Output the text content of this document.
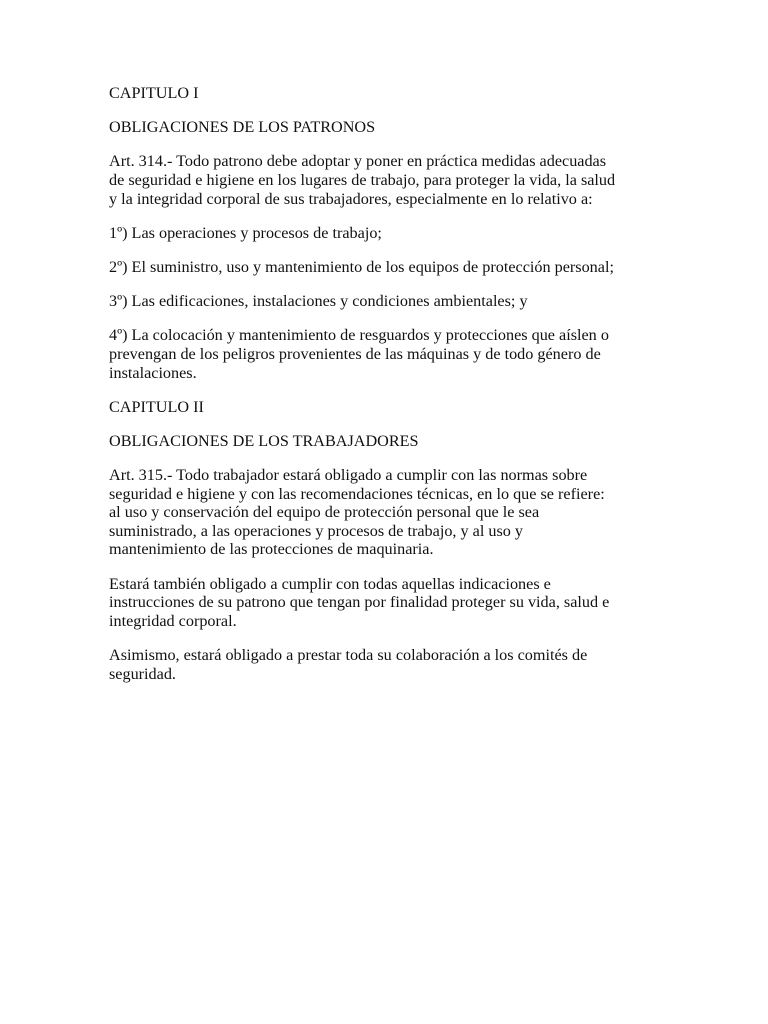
CAPITULO I

OBLIGACIONES DE LOS PATRONOS

Art. 314.- Todo patrono debe adoptar y poner en práctica medidas adecuadas
de seguridad e higiene en los lugares de trabajo, para proteger la vida, la salud
y la integridad corporal de sus trabajadores, especialmente en lo relativo a:

1º) Las operaciones y procesos de trabajo;

2º) El suministro, uso y mantenimiento de los equipos de protección personal;

3º) Las edificaciones, instalaciones y condiciones ambientales; y

4º) La colocación y mantenimiento de resguardos y protecciones que aíslen o
prevengan de los peligros provenientes de las máquinas y de todo género de
instalaciones.

CAPITULO II

OBLIGACIONES DE LOS TRABAJADORES

Art. 315.- Todo trabajador estará obligado a cumplir con las normas sobre
seguridad e higiene y con las recomendaciones técnicas, en lo que se refiere:
al uso y conservación del equipo de protección personal que le sea
suministrado, a las operaciones y procesos de trabajo, y al uso y
mantenimiento de las protecciones de maquinaria.

Estará también obligado a cumplir con todas aquellas indicaciones e
instrucciones de su patrono que tengan por finalidad proteger su vida, salud e
integridad corporal.

Asimismo, estará obligado a prestar toda su colaboración a los comités de
seguridad.
